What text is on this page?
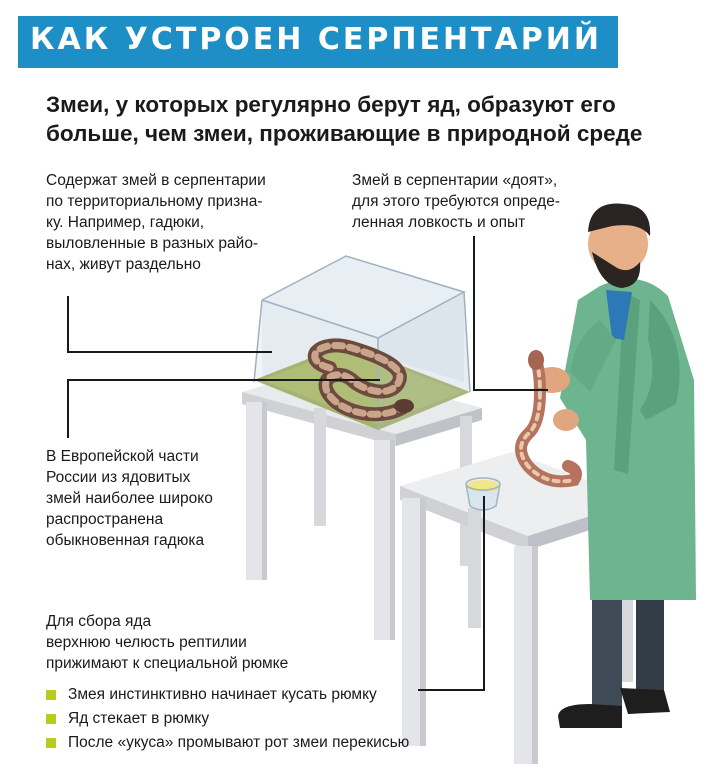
КАК УСТРОЕН СЕРПЕНТАРИЙ
Змеи, у которых регулярно берут яд, образуют его
больше, чем змеи, проживающие в природной среде
Содержат змей в серпентарии
по территориальному призна-
ку. Например, гадюки,
выловленные в разных райо-
нах, живут раздельно
Змей в серпентарии «доят»,
для этого требуются опреде-
ленная ловкость и опыт
В Европейской части
России из ядовитых
змей наиболее широко
распространена
обыкновенная гадюка
Для сбора яда
верхнюю челюсть рептилии
прижимают к специальной рюмке
Змея инстинктивно начинает кусать рюмку
Яд стекает в рюмку
После «укуса» промывают рот змеи перекисью
